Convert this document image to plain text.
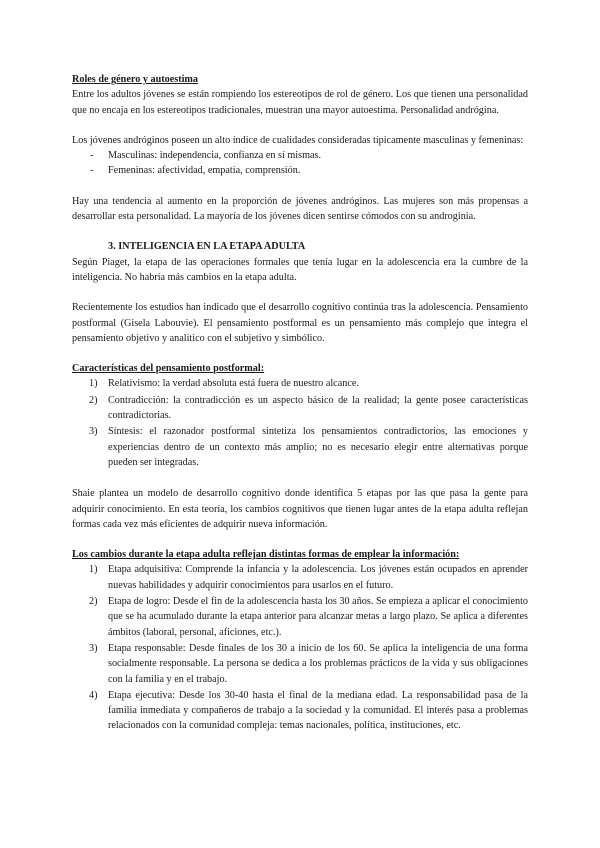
Roles de género y autoestima

Entre los adultos jóvenes se están rompiendo los estereotipos de rol de género. Los que tienen una personalidad que no encaja en los estereotipos tradicionales, muestran una mayor autoestima. Personalidad andrógina.

Los jóvenes andróginos poseen un alto índice de cualidades consideradas típicamente masculinas y femeninas:

- Masculinas: independencia, confianza en sí mismas.
- Femeninas: afectividad, empatía, comprensión.

Hay una tendencia al aumento en la proporción de jóvenes andróginos. Las mujeres son más propensas a desarrollar esta personalidad. La mayoría de los jóvenes dicen sentirse cómodos con su androginia.

3. INTELIGENCIA EN LA ETAPA ADULTA

Según Piaget, la etapa de las operaciones formales que tenía lugar en la adolescencia era la cumbre de la inteligencia. No habría más cambios en la etapa adulta.

Recientemente los estudios han indicado que el desarrollo cognitivo continúa tras la adolescencia. Pensamiento postformal (Gisela Labouvie). El pensamiento postformal es un pensamiento más complejo que integra el pensamiento objetivo y analítico con el subjetivo y simbólico.

Características del pensamiento postformal:

1) Relativismo: la verdad absoluta está fuera de nuestro alcance.
2) Contradicción: la contradicción es un aspecto básico de la realidad; la gente posee características contradictorias.
3) Síntesis: el razonador postformal sintetiza los pensamientos contradictorios, las emociones y experiencias dentro de un contexto más amplio; no es necesario elegir entre alternativas porque pueden ser integradas.

Shaie plantea un modelo de desarrollo cognitivo donde identifica 5 etapas por las que pasa la gente para adquirir conocimiento. En esta teoría, los cambios cognitivos que tienen lugar antes de la etapa adulta reflejan formas cada vez más eficientes de adquirir nueva información.

Los cambios durante la etapa adulta reflejan distintas formas de emplear la información:

1) Etapa adquisitiva: Comprende la infancia y la adolescencia. Los jóvenes están ocupados en aprender nuevas habilidades y adquirir conocimientos para usarlos en el futuro.
2) Etapa de logro: Desde el fin de la adolescencia hasta los 30 años. Se empieza a aplicar el conocimiento que se ha acumulado durante la etapa anterior para alcanzar metas a largo plazo. Se aplica a diferentes ámbitos (laboral, personal, aficiones, etc.).
3) Etapa responsable: Desde finales de los 30 a inicio de los 60. Se aplica la inteligencia de una forma socialmente responsable. La persona se dedica a los problemas prácticos de la vida y sus obligaciones con la familia y en el trabajo.
4) Etapa ejecutiva: Desde los 30-40 hasta el final de la mediana edad. La responsabilidad pasa de la familia inmediata y compañeros de trabajo a la sociedad y la comunidad. El interés pasa a problemas relacionados con la comunidad compleja: temas nacionales, política, instituciones, etc.
